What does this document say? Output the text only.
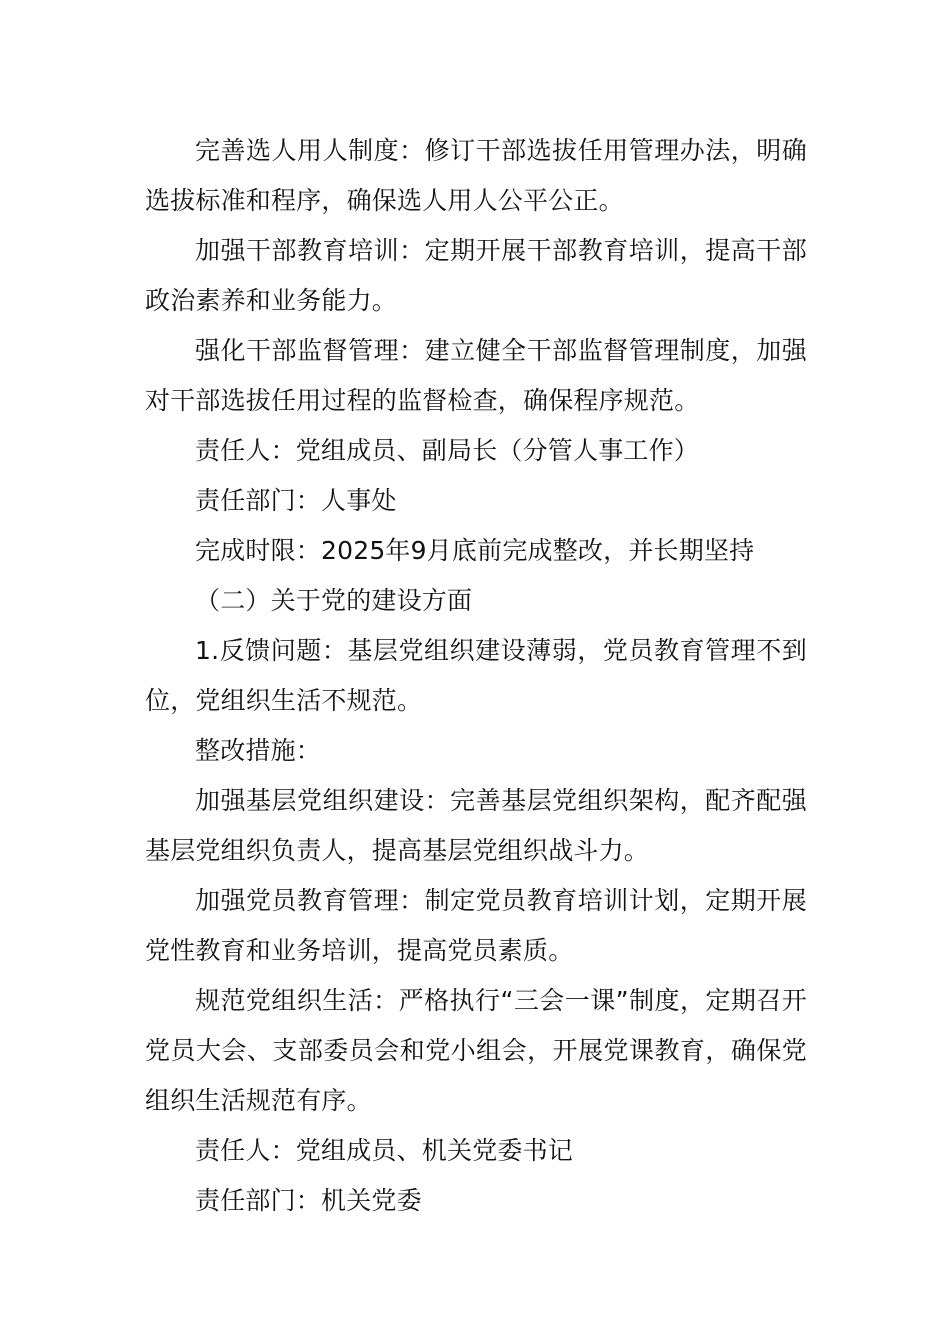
完善选人用人制度：修订干部选拔任用管理办法，明确选拔标准和程序，确保选人用人公平公正。

加强干部教育培训：定期开展干部教育培训，提高干部政治素养和业务能力。

强化干部监督管理：建立健全干部监督管理制度，加强对干部选拔任用过程的监督检查，确保程序规范。

责任人：党组成员、副局长（分管人事工作）

责任部门：人事处

完成时限：2025年9月底前完成整改，并长期坚持

（二）关于党的建设方面

1.反馈问题：基层党组织建设薄弱，党员教育管理不到位，党组织生活不规范。

整改措施：

加强基层党组织建设：完善基层党组织架构，配齐配强基层党组织负责人，提高基层党组织战斗力。

加强党员教育管理：制定党员教育培训计划，定期开展党性教育和业务培训，提高党员素质。

规范党组织生活：严格执行“三会一课”制度，定期召开党员大会、支部委员会和党小组会，开展党课教育，确保党组织生活规范有序。

责任人：党组成员、机关党委书记

责任部门：机关党委
